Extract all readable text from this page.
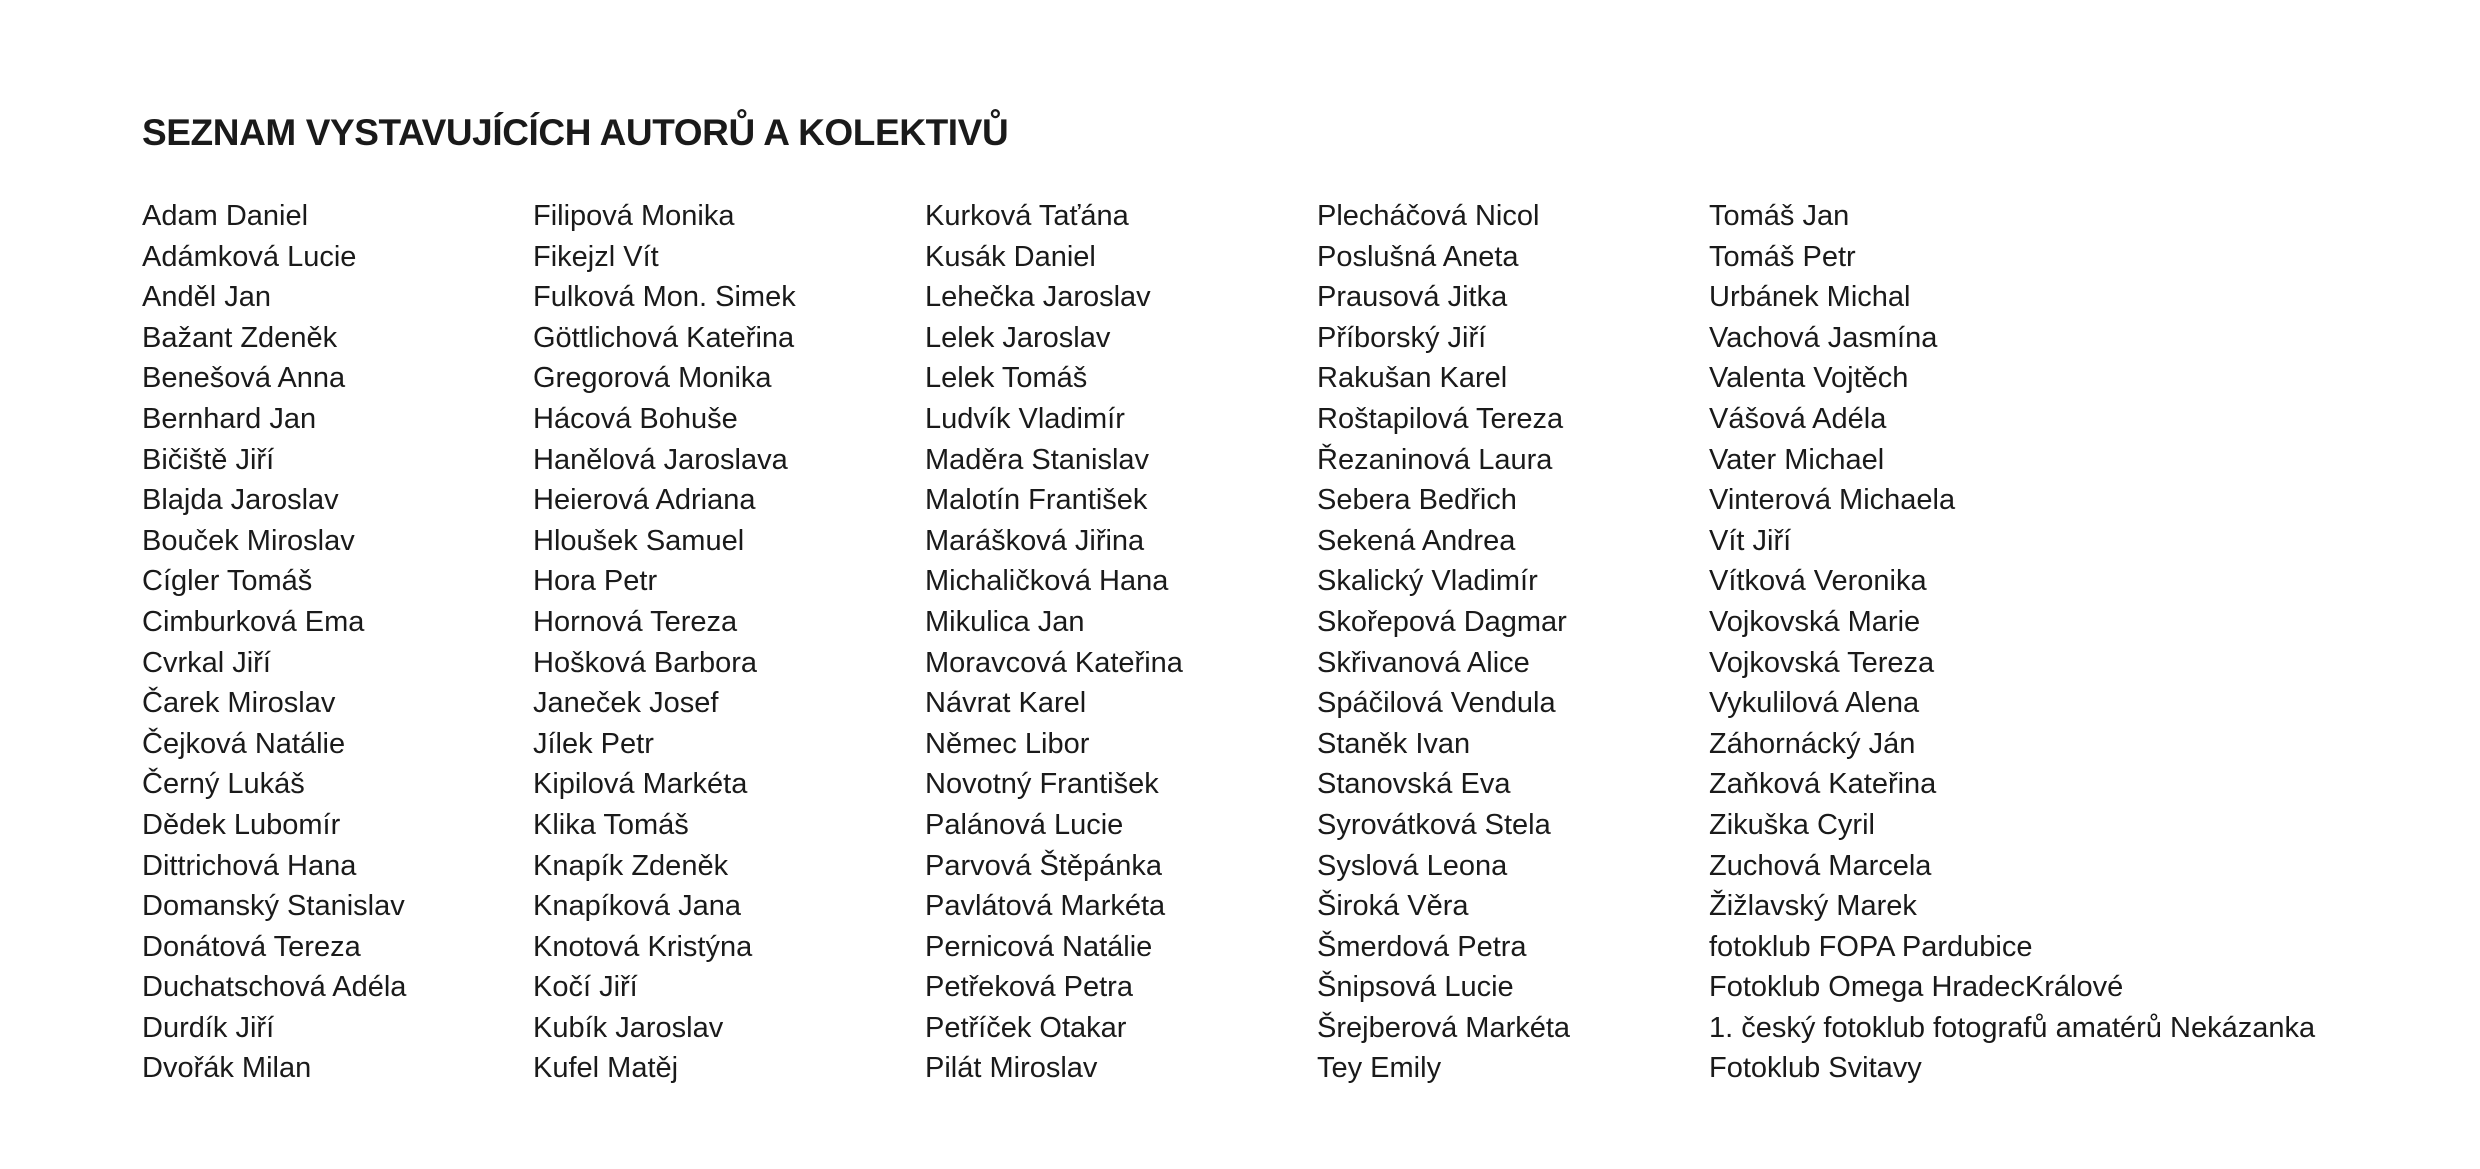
SEZNAM VYSTAVUJÍCÍCH AUTORŮ A KOLEKTIVŮ
Adam Daniel
Adámková Lucie
Anděl Jan
Bažant Zdeněk
Benešová Anna
Bernhard Jan
Bičiště Jiří
Blajda Jaroslav
Bouček Miroslav
Cígler Tomáš
Cimburková Ema
Cvrkal Jiří
Čarek Miroslav
Čejková Natálie
Černý Lukáš
Dědek Lubomír
Dittrichová Hana
Domanský Stanislav
Donátová Tereza
Duchatschová Adéla
Durdík Jiří
Dvořák Milan
Filipová Monika
Fikejzl Vít
Fulková Mon. Simek
Göttlichová Kateřina
Gregorová Monika
Hácová Bohuše
Hanělová Jaroslava
Heierová Adriana
Hloušek Samuel
Hora Petr
Hornová Tereza
Hošková Barbora
Janeček Josef
Jílek Petr
Kipilová Markéta
Klika Tomáš
Knapík Zdeněk
Knapíková Jana
Knotová Kristýna
Kočí Jiří
Kubík Jaroslav
Kufel Matěj
Kurková Taťána
Kusák Daniel
Lehečka Jaroslav
Lelek Jaroslav
Lelek Tomáš
Ludvík Vladimír
Maděra Stanislav
Malotín František
Marášková Jiřina
Michaličková Hana
Mikulica Jan
Moravcová Kateřina
Návrat Karel
Němec Libor
Novotný František
Palánová Lucie
Parvová Štěpánka
Pavlátová Markéta
Pernicová Natálie
Petřeková Petra
Petříček Otakar
Pilát Miroslav
Plecháčová Nicol
Poslušná Aneta
Prausová Jitka
Příborský Jiří
Rakušan Karel
Roštapilová Tereza
Řezaninová Laura
Sebera Bedřich
Sekená Andrea
Skalický Vladimír
Skořepová Dagmar
Skřivanová Alice
Spáčilová Vendula
Staněk Ivan
Stanovská Eva
Syrovátková Stela
Syslová Leona
Široká Věra
Šmerdová Petra
Šnipsová Lucie
Šrejberová Markéta
Tey Emily
Tomáš Jan
Tomáš Petr
Urbánek Michal
Vachová Jasmína
Valenta Vojtěch
Vášová Adéla
Vater Michael
Vinterová Michaela
Vít Jiří
Vítková Veronika
Vojkovská Marie
Vojkovská Tereza
Vykulilová Alena
Záhornácký Ján
Zaňková Kateřina
Zikuška Cyril
Zuchová Marcela
Žižlavský Marek
fotoklub FOPA Pardubice
Fotoklub Omega HradecKrálové
1. český fotoklub fotografů amatérů Nekázanka
Fotoklub Svitavy
